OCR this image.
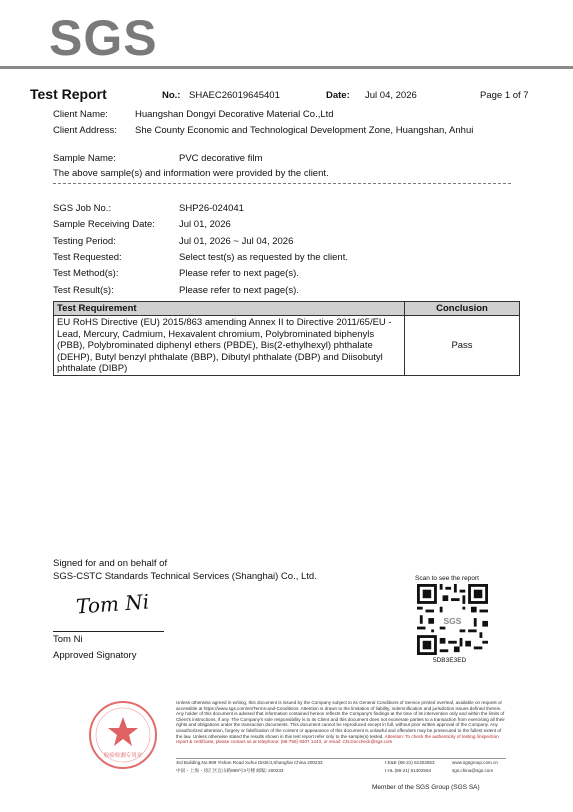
SGS
Test Report	No.: SHAEC26019645401	Date: Jul 04, 2026	Page 1 of 7
Client Name:	Huangshan Dongyi Decorative Material Co.,Ltd
Client Address: She County Economic and Technological Development Zone, Huangshan, Anhui
Sample Name:	PVC decorative film
The above sample(s) and information were provided by the client.
SGS Job No.:	SHP26-024041
Sample Receiving Date:	Jul 01, 2026
Testing Period:	Jul 01, 2026 ~ Jul 04, 2026
Test Requested:	Select test(s) as requested by the client.
Test Method(s):	Please refer to next page(s).
Test Result(s):	Please refer to next page(s).
Test Requirement	Conclusion
EU RoHS Directive (EU) 2015/863 amending Annex II to Directive 2011/65/EU - Lead, Mercury, Cadmium, Hexavalent chromium, Polybrominated biphenyls (PBB), Polybrominated diphenyl ethers (PBDE), Bis(2-ethylhexyl) phthalate (DEHP), Butyl benzyl phthalate (BBP), Dibutyl phthalate (DBP) and Diisobutyl phthalate (DIBP)	Pass
Signed for and on behalf of
SGS-CSTC Standards Technical Services (Shanghai) Co., Ltd.
Tom Ni
Tom Ni
Approved Signatory
Scan to see the report
SGS
5DB3E3ED
检验检测专用章
Unless otherwise agreed in writing, this document is issued by the Company subject to its General Conditions of Service printed overleaf, available on request or accessible at https://www.sgs.com/en/Terms-and-Conditions. Attention is drawn to the limitation of liability, indemnification and jurisdiction issues defined therein. Any holder of this document is advised that information contained hereon reflects the Company's findings at the time of its intervention only and within the limits of Client's instructions, if any. The Company's sole responsibility is to its Client and this document does not exonerate parties to a transaction from exercising all their rights and obligations under the transaction documents. This document cannot be reproduced except in full, without prior written approval of the Company. Any unauthorized alteration, forgery or falsification of the content or appearance of this document is unlawful and offenders may be prosecuted to the fullest extent of the law. Unless otherwise stated the results shown in this test report refer only to the sample(s) tested. Attention: To check the authenticity of testing /inspection report & certificate, please contact us at telephone: (86-755) 8307 1443, or email: CN.Doccheck@sgs.com
3rd Building,No.889 Yishan Road Xuhui District,Shanghai China 200233
中国・上海・徐汇区宜山路889号3号楼 邮编: 200233
t E&E (86-21) 61402553
t HL (86-21) 61402594
www.sgsgroup.com.cn
sgs.china@sgs.com
Member of the SGS Group (SGS SA)
